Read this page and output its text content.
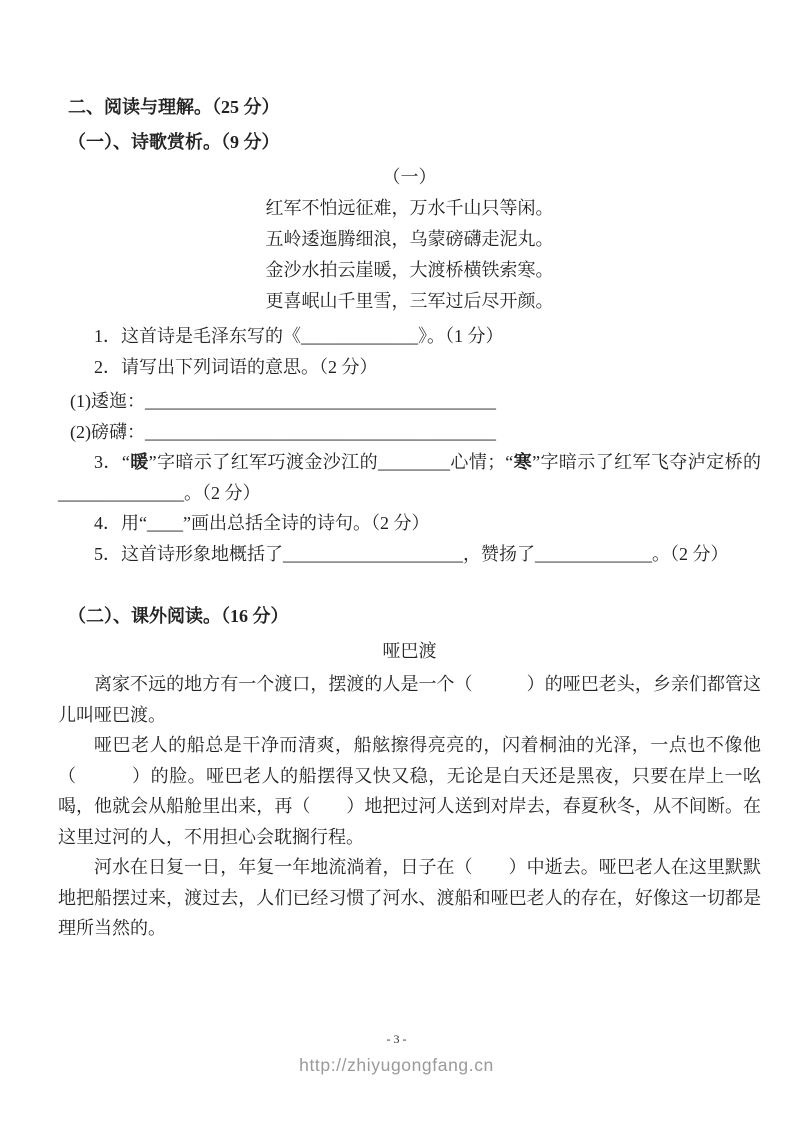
二、阅读与理解。（25 分）
（一）、诗歌赏析。（9 分）
（一）
红军不怕远征难，万水千山只等闲。
五岭逶迤腾细浪，乌蒙磅礴走泥丸。
金沙水拍云崖暖，大渡桥横铁索寒。
更喜岷山千里雪，三军过后尽开颜。
1．这首诗是毛泽东写的《_____________》。（1 分）
2．请写出下列词语的意思。（2 分）
(1)逶迤：_______________________________________
(2)磅礴：_______________________________________
3．“暖”字暗示了红军巧渡金沙江的________心情；“寒”字暗示了红军飞夺泸定桥的______________。（2 分）
4．用“____”画出总括全诗的诗句。（2 分）
5．这首诗形象地概括了____________________，赞扬了_____________。（2 分）
（二）、课外阅读。（16 分）
哑巴渡

离家不远的地方有一个渡口，摆渡的人是一个（　　　）的哑巴老头，乡亲们都管这儿叫哑巴渡。

哑巴老人的船总是干净而清爽，船舷擦得亮亮的，闪着桐油的光泽，一点也不像他（　　　）的脸。哑巴老人的船摆得又快又稳，无论是白天还是黑夜，只要在岸上一吆喝，他就会从船舱里出来，再（　　）地把过河人送到对岸去，春夏秋冬，从不间断。在这里过河的人，不用担心会耽搁行程。

河水在日复一日，年复一年地流淌着，日子在（　　）中逝去。哑巴老人在这里默默地把船摆过来，渡过去，人们已经习惯了河水、渡船和哑巴老人的存在，好像这一切都是理所当然的。

- 3 -
http://zhiyugongfang.cn
